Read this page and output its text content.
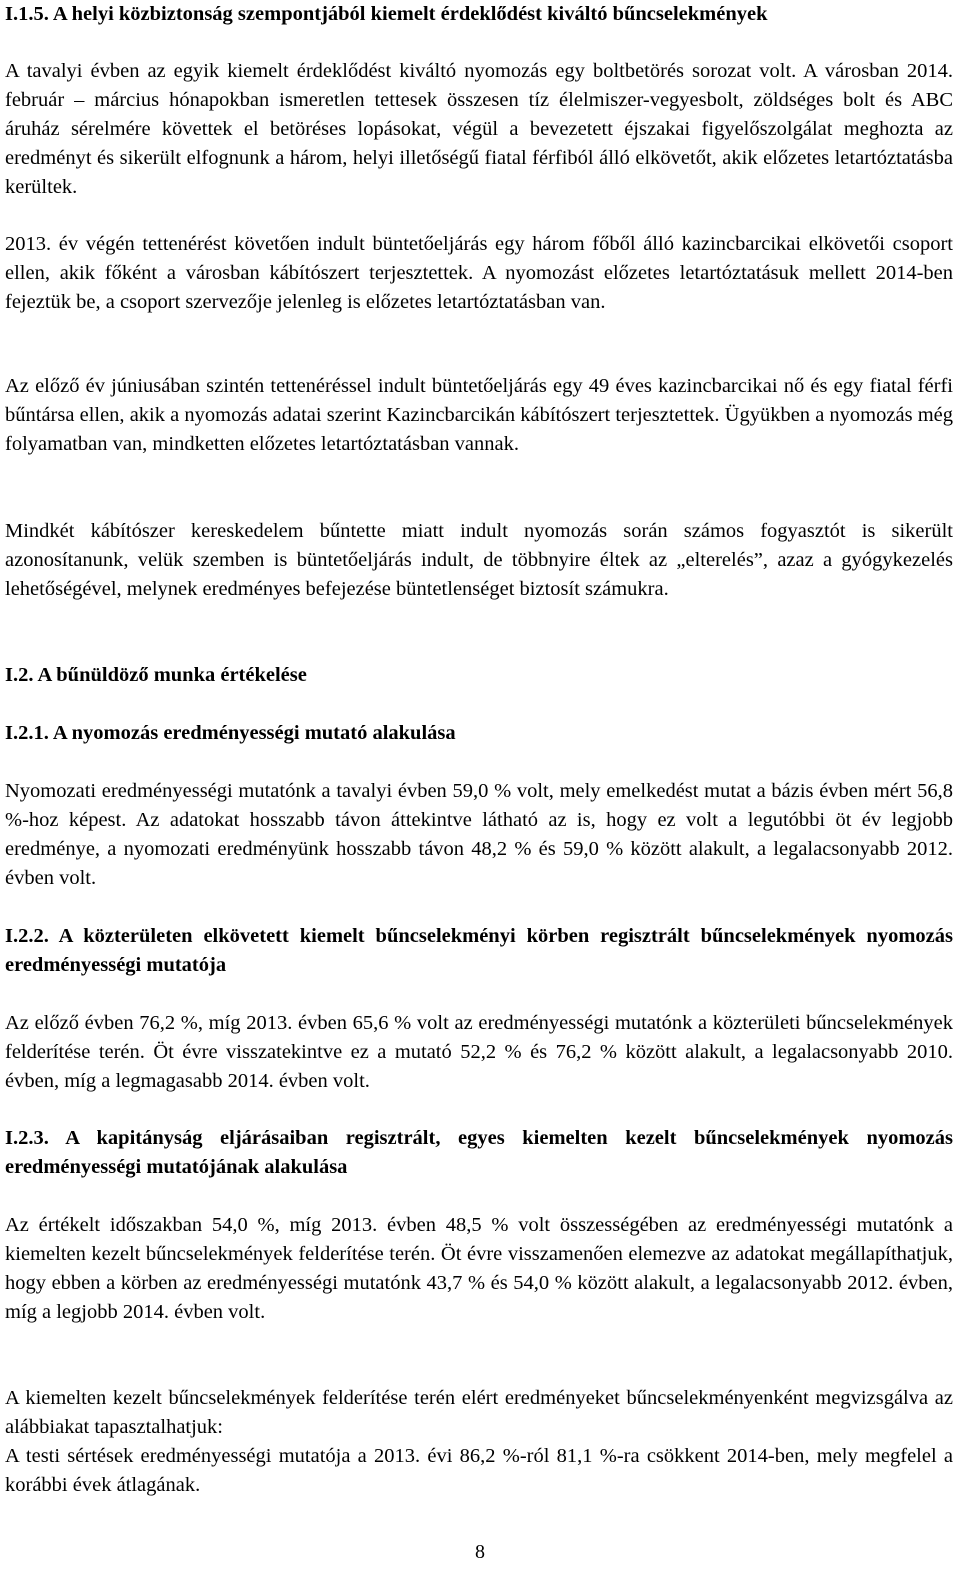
I.1.5. A helyi közbiztonság szempontjából kiemelt érdeklődést kiváltó bűncselekmények

A tavalyi évben az egyik kiemelt érdeklődést kiváltó nyomozás egy boltbetörés sorozat volt. A városban 2014. február – március hónapokban ismeretlen tettesek összesen tíz élelmiszer-vegyesbolt, zöldséges bolt és ABC áruház sérelmére követtek el betöréses lopásokat, végül a bevezetett éjszakai figyelőszolgálat meghozta az eredményt és sikerült elfognunk a három, helyi illetőségű fiatal férfiból álló elkövetőt, akik előzetes letartóztatásba kerültek.

2013. év végén tettenérést követően indult büntetőeljárás egy három főből álló kazincbarcikai elkövetői csoport ellen, akik főként a városban kábítószert terjesztettek. A nyomozást előzetes letartóztatásuk mellett 2014-ben fejeztük be, a csoport szervezője jelenleg is előzetes letartóztatásban van.

Az előző év júniusában szintén tettenéréssel indult büntetőeljárás egy 49 éves kazincbarcikai nő és egy fiatal férfi bűntársa ellen, akik a nyomozás adatai szerint Kazincbarcikán kábítószert terjesztettek. Ügyükben a nyomozás még folyamatban van, mindketten előzetes letartóztatásban vannak.

Mindkét kábítószer kereskedelem bűntette miatt indult nyomozás során számos fogyasztót is sikerült azonosítanunk, velük szemben is büntetőeljárás indult, de többnyire éltek az „elterelés”, azaz a gyógykezelés lehetőségével, melynek eredményes befejezése büntetlenséget biztosít számukra.

I.2. A bűnüldöző munka értékelése

I.2.1. A nyomozás eredményességi mutató alakulása

Nyomozati eredményességi mutatónk a tavalyi évben 59,0 % volt, mely emelkedést mutat a bázis évben mért 56,8 %-hoz képest. Az adatokat hosszabb távon áttekintve látható az is, hogy ez volt a legutóbbi öt év legjobb eredménye, a nyomozati eredményünk hosszabb távon 48,2 % és 59,0 % között alakult, a legalacsonyabb 2012. évben volt.

I.2.2. A közterületen elkövetett kiemelt bűncselekményi körben regisztrált bűncselekmények nyomozás eredményességi mutatója

Az előző évben 76,2 %, míg 2013. évben 65,6 % volt az eredményességi mutatónk a közterületi bűncselekmények felderítése terén. Öt évre visszatekintve ez a mutató 52,2 % és 76,2 % között alakult, a legalacsonyabb 2010. évben, míg a legmagasabb 2014. évben volt.

I.2.3. A kapitányság eljárásaiban regisztrált, egyes kiemelten kezelt bűncselekmények nyomozás eredményességi mutatójának alakulása

Az értékelt időszakban 54,0 %, míg 2013. évben 48,5 % volt összességében az eredményességi mutatónk a kiemelten kezelt bűncselekmények felderítése terén. Öt évre visszamenően elemezve az adatokat megállapíthatjuk, hogy ebben a körben az eredményességi mutatónk 43,7 % és 54,0 % között alakult, a legalacsonyabb 2012. évben, míg a legjobb 2014. évben volt.

A kiemelten kezelt bűncselekmények felderítése terén elért eredményeket bűncselekményenként megvizsgálva az alábbiakat tapasztalhatjuk:

A testi sértések eredményességi mutatója a 2013. évi 86,2 %-ról 81,1 %-ra csökkent 2014-ben, mely megfelel a korábbi évek átlagának.

8
